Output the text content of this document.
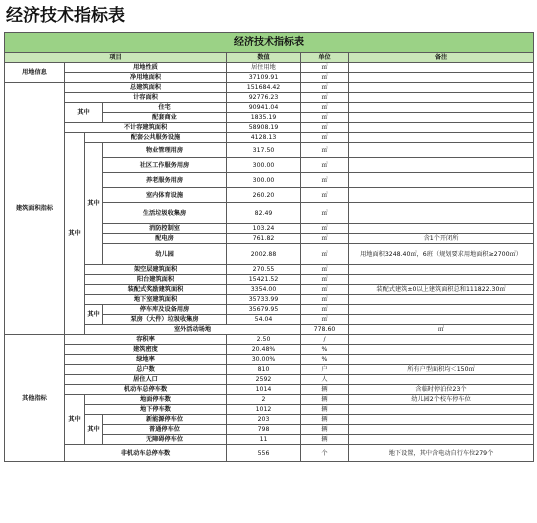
经济技术指标表
经济技术指标表							
项目				数值	单位	备注	
用地信息	用地性质			居住用地	㎡		
	净用地面积			37109.91	㎡		
建筑面积指标	总建筑面积			151684.42	㎡		
	计容面积			92776.23	㎡		
	其中		住宅	90941.04	㎡		
			配套商业	1835.19	㎡		
	不计容建筑面积			58908.19	㎡		
	其中	配套公共服务设施		4128.13	㎡		
		其中	物业管理用房	317.50	㎡		
			社区工作服务用房	300.00	㎡		
			养老服务用房	300.00	㎡		
			室内体育设施	260.20	㎡		
			生活垃圾收集房	82.49	㎡		
			消防控制室	103.24	㎡		
			配电房	761.82	㎡	含1个开闭所	
			幼儿园	2002.88	㎡	用地面积3248.40㎡，6班（规划要求用地面积≥2700㎡）	
		架空层建筑面积		270.55	㎡		
		阳台建筑面积		15421.52	㎡		
		装配式奖励建筑面积		3354.00	㎡	装配式建筑±0以上建筑面积总和111822.30㎡	
		地下室建筑面积		35733.99	㎡		
		其中	停车库及设备用房	35679.95	㎡		
			泵房（大件）垃圾收集房	54.04	㎡		
		室外活动场地			778.60	㎡	
其他指标	容积率			2.50	/		
	建筑密度			20.48%	%		
	绿地率			30.00%	%		
	总户数			810	户	所有户型面积均＜150㎡	
	居住人口			2592	人		
	机动车总停车数			1014	辆	含临时停泊位23个	
	其中	地面停车数		2	辆	幼儿园2个校车停车位	
		地下停车数		1012	辆		
		其中	新能源停车位	203	辆		
			普通停车位	798	辆		
			无障碍停车位	11	辆		
	非机动车总停车数			556	个	地下设置，其中含电动自行车位279个	
